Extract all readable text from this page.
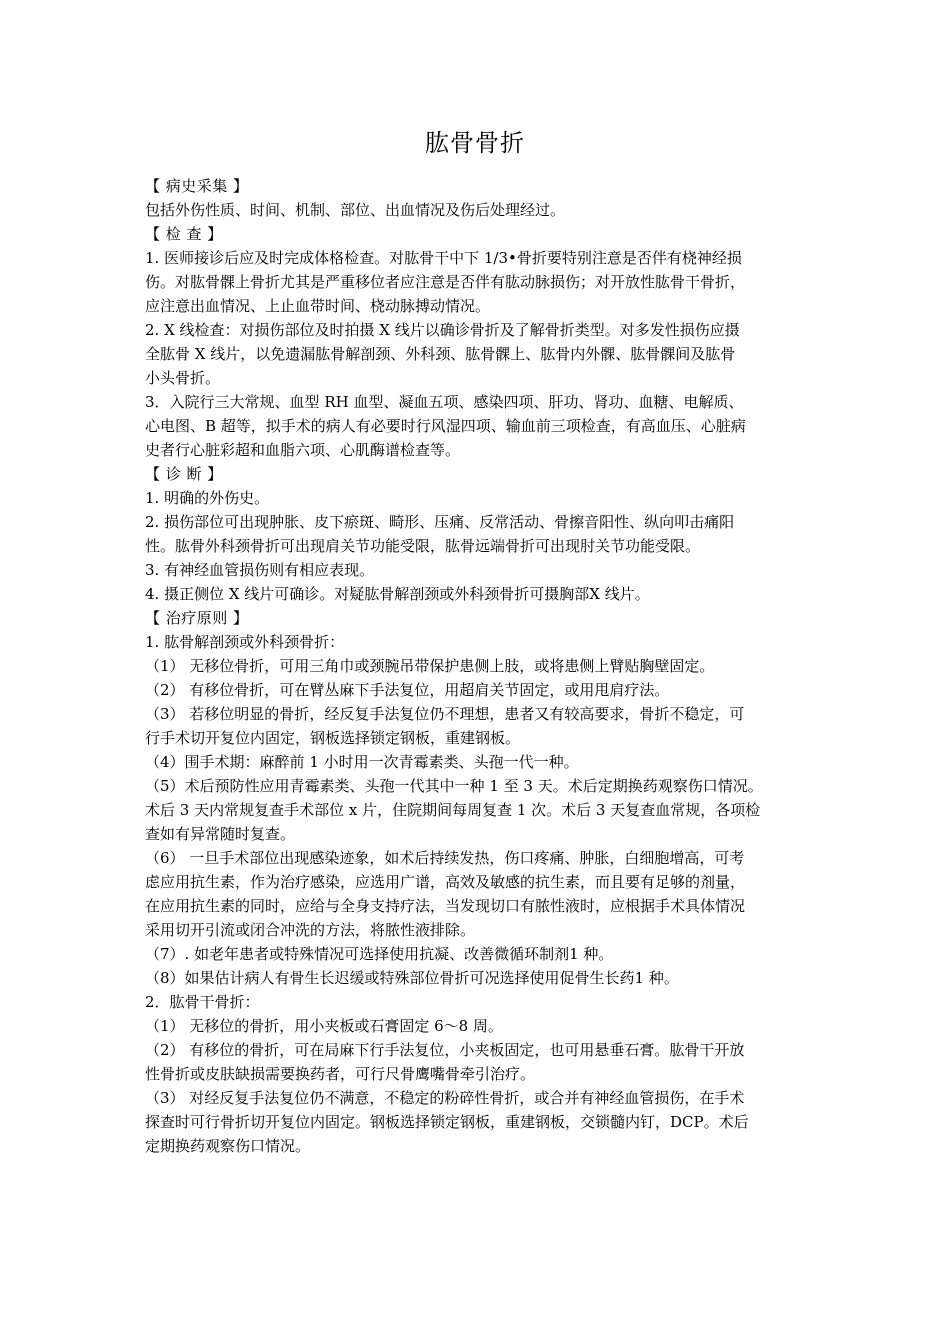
肱骨骨折
【 病史采集 】
包括外伤性质、时间、机制、部位、出血情况及伤后处理经过。
【 检 查 】
1. 医师接诊后应及时完成体格检查。对肱骨干中下 1/3•骨折要特别注意是否伴有桡神经损
伤。对肱骨髁上骨折尤其是严重移位者应注意是否伴有肱动脉损伤；对开放性肱骨干骨折，
应注意出血情况、上止血带时间、桡动脉搏动情况。
2. X 线检查：对损伤部位及时拍摄 X 线片以确诊骨折及了解骨折类型。对多发性损伤应摄
全肱骨 X 线片，以免遗漏肱骨解剖颈、外科颈、肱骨髁上、肱骨内外髁、肱骨髁间及肱骨
小头骨折。
3．入院行三大常规、血型 RH 血型、凝血五项、感染四项、肝功、肾功、血糖、电解质、
心电图、B 超等，拟手术的病人有必要时行风湿四项、输血前三项检查，有高血压、心脏病
史者行心脏彩超和血脂六项、心肌酶谱检查等。
【 诊 断 】
1. 明确的外伤史。
2. 损伤部位可出现肿胀、皮下瘀斑、畸形、压痛、反常活动、骨擦音阳性、纵向叩击痛阳
性。肱骨外科颈骨折可出现肩关节功能受限，肱骨远端骨折可出现肘关节功能受限。
3. 有神经血管损伤则有相应表现。
4. 摄正侧位 X 线片可确诊。对疑肱骨解剖颈或外科颈骨折可摄胸部X 线片。
【 治疗原则 】
1. 肱骨解剖颈或外科颈骨折：
（1） 无移位骨折，可用三角巾或颈腕吊带保护患侧上肢，或将患侧上臂贴胸壁固定。
（2） 有移位骨折，可在臂丛麻下手法复位，用超肩关节固定，或用甩肩疗法。
（3） 若移位明显的骨折，经反复手法复位仍不理想，患者又有较高要求，骨折不稳定，可
行手术切开复位内固定，钢板选择锁定钢板，重建钢板。
（4）围手术期：麻醉前 1 小时用一次青霉素类、头孢一代一种。
（5）术后预防性应用青霉素类、头孢一代其中一种 1 至 3 天。术后定期换药观察伤口情况。
术后 3 天内常规复查手术部位 x 片，住院期间每周复查 1 次。术后 3 天复查血常规，各项检
查如有异常随时复查。
（6） 一旦手术部位出现感染迹象，如术后持续发热，伤口疼痛、肿胀，白细胞增高，可考
虑应用抗生素，作为治疗感染，应选用广谱，高效及敏感的抗生素，而且要有足够的剂量，
在应用抗生素的同时，应给与全身支持疗法，当发现切口有脓性液时，应根据手术具体情况
采用切开引流或闭合冲洗的方法，将脓性液排除。
（7）. 如老年患者或特殊情况可选择使用抗凝、改善微循环制剂1 种。
（8）如果估计病人有骨生长迟缓或特殊部位骨折可况选择使用促骨生长药1 种。
2．肱骨干骨折：
（1） 无移位的骨折，用小夹板或石膏固定 6～8 周。
（2） 有移位的骨折，可在局麻下行手法复位，小夹板固定，也可用悬垂石膏。肱骨干开放
性骨折或皮肤缺损需要换药者，可行尺骨鹰嘴骨牵引治疗。
（3） 对经反复手法复位仍不满意，不稳定的粉碎性骨折，或合并有神经血管损伤，在手术
探查时可行骨折切开复位内固定。钢板选择锁定钢板，重建钢板，交锁髓内钉，DCP。术后
定期换药观察伤口情况。
